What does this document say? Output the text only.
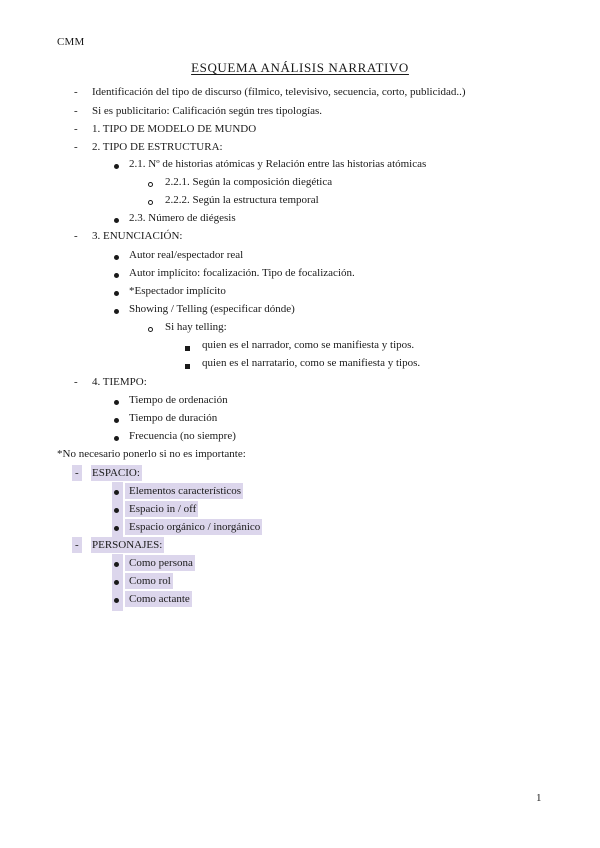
CMM
ESQUEMA ANÁLISIS NARRATIVO
- Identificación del tipo de discurso (fílmico, televisivo, secuencia, corto, publicidad..)
- Si es publicitario: Calificación según tres tipologías.
- 1. TIPO DE MODELO DE MUNDO
- 2. TIPO DE ESTRUCTURA:
2.1. Nº de historias atómicas y Relación entre las historias atómicas
2.2.1. Según la composición diegética
2.2.2. Según la estructura temporal
2.3. Número de diégesis
- 3. ENUNCIACIÓN:
Autor real/espectador real
Autor implícito: focalización. Tipo de focalización.
*Espectador implícito
Showing / Telling (especificar dónde)
Si hay telling:
quien es el narrador, como se manifiesta y tipos.
quien es el narratario, como se manifiesta y tipos.
- 4. TIEMPO:
Tiempo de ordenación
Tiempo de duración
Frecuencia (no siempre)
*No necesario ponerlo si no es importante:
- ESPACIO:
Elementos característicos
Espacio in / off
Espacio orgánico / inorgánico
- PERSONAJES:
Como persona
Como rol
Como actante
1
